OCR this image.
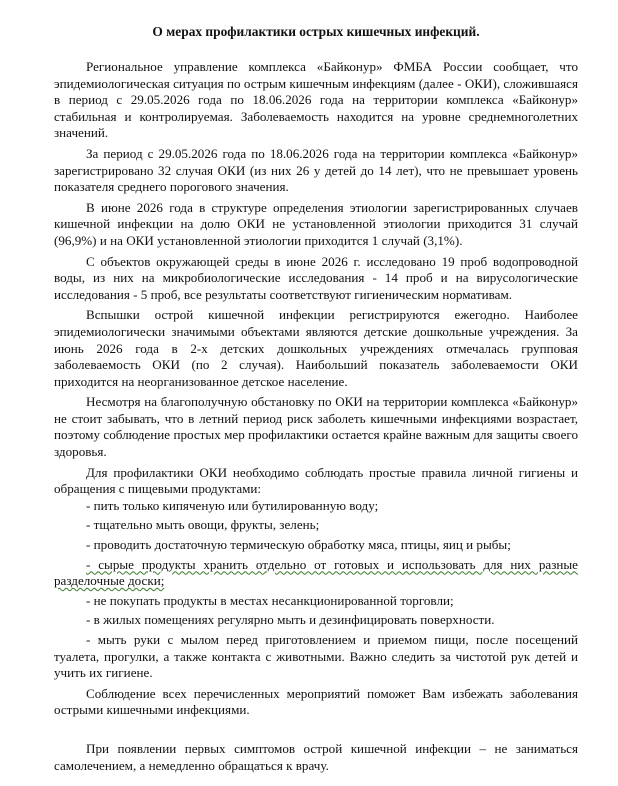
О мерах профилактики острых кишечных инфекций.

Региональное управление комплекса «Байконур» ФМБА России сообщает, что эпидемиологическая ситуация по острым кишечным инфекциям (далее - ОКИ), сложившаяся в период с 29.05.2026 года по 18.06.2026 года на территории комплекса «Байконур» стабильная и контролируемая. Заболеваемость находится на уровне среднемноголетних значений.

За период с 29.05.2026 года по 18.06.2026 года на территории комплекса «Байконур» зарегистрировано 32 случая ОКИ (из них 26 у детей до 14 лет), что не превышает уровень показателя среднего порогового значения.

В июне 2026 года в структуре определения этиологии зарегистрированных случаев кишечной инфекции на долю ОКИ не установленной этиологии приходится 31 случай (96,9%) и на ОКИ установленной этиологии приходится 1 случай (3,1%).

С объектов окружающей среды в июне 2026 г. исследовано 19 проб водопроводной воды, из них на микробиологические исследования - 14 проб и на вирусологические исследования - 5 проб, все результаты соответствуют гигиеническим нормативам.

Вспышки острой кишечной инфекции регистрируются ежегодно. Наиболее эпидемиологически значимыми объектами являются детские дошкольные учреждения. За июнь 2026 года в 2-х детских дошкольных учреждениях отмечалась групповая заболеваемость ОКИ (по 2 случая). Наибольший показатель заболеваемости ОКИ приходится на неорганизованное детское население.

Несмотря на благополучную обстановку по ОКИ на территории комплекса «Байконур» не стоит забывать, что в летний период риск заболеть кишечными инфекциями возрастает, поэтому соблюдение простых мер профилактики остается крайне важным для защиты своего здоровья.

Для профилактики ОКИ необходимо соблюдать простые правила личной гигиены и обращения с пищевыми продуктами:

- пить только кипяченую или бутилированную воду;
- тщательно мыть овощи, фрукты, зелень;
- проводить достаточную термическую обработку мяса, птицы, яиц и рыбы;
- сырые продукты хранить отдельно от готовых и использовать для них разные разделочные доски;
- не покупать продукты в местах несанкционированной торговли;
- в жилых помещениях регулярно мыть и дезинфицировать поверхности.
- мыть руки с мылом перед приготовлением и приемом пищи, после посещений туалета, прогулки, а также контакта с животными. Важно следить за чистотой рук детей и учить их гигиене.

Соблюдение всех перечисленных мероприятий поможет Вам избежать заболевания острыми кишечными инфекциями.

При появлении первых симптомов острой кишечной инфекции – не заниматься самолечением, а немедленно обращаться к врачу.
